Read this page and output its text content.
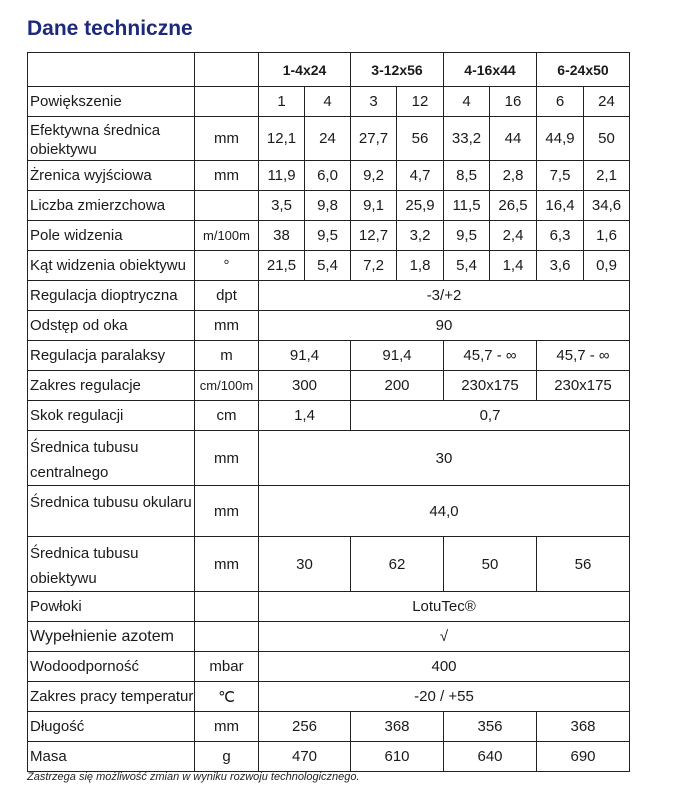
Dane techniczne
		1-4x24		3-12x56		4-16x44		6-24x50	
Powiększenie		1	4	3	12	4	16	6	24
Efektywna średnica obiektywu	mm	12,1	24	27,7	56	33,2	44	44,9	50
Żrenica wyjściowa	mm	11,9	6,0	9,2	4,7	8,5	2,8	7,5	2,1
Liczba zmierzchowa		3,5	9,8	9,1	25,9	11,5	26,5	16,4	34,6
Pole widzenia	m/100m	38	9,5	12,7	3,2	9,5	2,4	6,3	1,6
Kąt widzenia obiektywu	°	21,5	5,4	7,2	1,8	5,4	1,4	3,6	0,9
Regulacja dioptryczna	dpt	-3/+2							
Odstęp od oka	mm	90							
Regulacja paralaksy	m	91,4		91,4		45,7 - ∞		45,7 - ∞	
Zakres regulacje	cm/100m	300		200		230x175		230x175	
Skok regulacji	cm	1,4		0,7					
Średnica tubusu centralnego	mm	30							
Średnica tubusu okularu	mm	44,0							
Średnica tubusu obiektywu	mm	30		62		50		56	
Powłoki		LotuTec®							
Wypełnienie azotem		√							
Wodoodporność	mbar	400							
Zakres pracy temperatur	℃	-20 / +55							
Długość	mm	256		368		356		368	
Masa	g	470		610		640		690	
Zastrzega się możliwość zmian w wyniku rozwoju technologicznego.
